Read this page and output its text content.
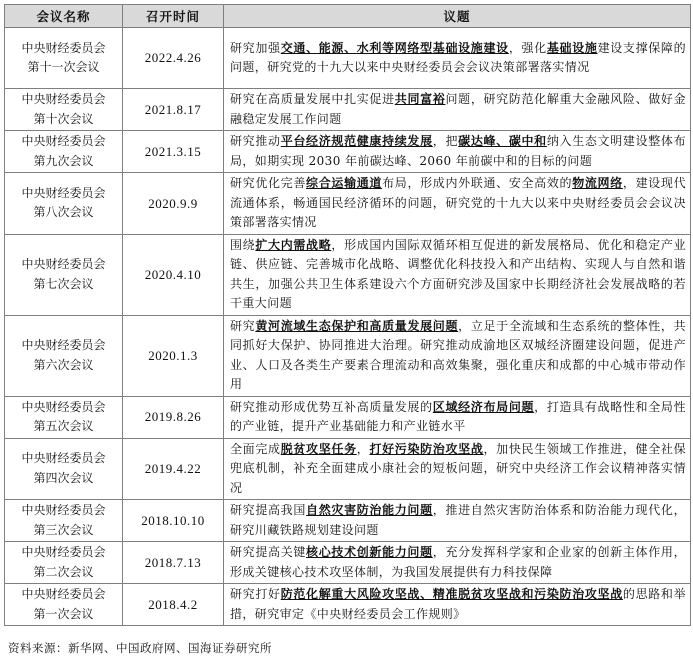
会议名称	召开时间	议题

中央财经委员会
第十一次会议	2022.4.26	研究加强交通、能源、水利等网络型基础设施建设，强化基础设施建设支撑保障的问题，研究党的十九大以来中央财经委员会会议决策部署落实情况

中央财经委员会
第十次会议	2021.8.17	研究在高质量发展中扎实促进共同富裕问题，研究防范化解重大金融风险、做好金融稳定发展工作问题

中央财经委员会
第九次会议	2021.3.15	研究推动平台经济规范健康持续发展，把碳达峰、碳中和纳入生态文明建设整体布局，如期实现 2030 年前碳达峰、2060 年前碳中和的目标的问题

中央财经委员会
第八次会议	2020.9.9	研究优化完善综合运输通道布局，形成内外联通、安全高效的物流网络，建设现代流通体系，畅通国民经济循环的问题，研究党的十九大以来中央财经委员会会议决策部署落实情况

中央财经委员会
第七次会议	2020.4.10	围绕扩大内需战略，形成国内国际双循环相互促进的新发展格局、优化和稳定产业链、供应链、完善城市化战略、调整优化科技投入和产出结构、实现人与自然和谐共生，加强公共卫生体系建设六个方面研究涉及国家中长期经济社会发展战略的若干重大问题

中央财经委员会
第六次会议	2020.1.3	研究黄河流域生态保护和高质量发展问题，立足于全流域和生态系统的整体性，共同抓好大保护、协同推进大治理。研究推动成渝地区双城经济圈建设问题，促进产业、人口及各类生产要素合理流动和高效集聚，强化重庆和成都的中心城市带动作用

中央财经委员会
第五次会议	2019.8.26	研究推动形成优势互补高质量发展的区域经济布局问题，打造具有战略性和全局性的产业链，提升产业基础能力和产业链水平

中央财经委员会
第四次会议	2019.4.22	全面完成脱贫攻坚任务，打好污染防治攻坚战，加快民生领域工作推进，健全社保兜底机制，补充全面建成小康社会的短板问题，研究中央经济工作会议精神落实情况

中央财经委员会
第三次会议	2018.10.10	研究提高我国自然灾害防治能力问题，推进自然灾害防治体系和防治能力现代化，研究川藏铁路规划建设问题

中央财经委员会
第二次会议	2018.7.13	研究提高关键核心技术创新能力问题，充分发挥科学家和企业家的创新主体作用，形成关键核心技术攻坚体制，为我国发展提供有力科技保障

中央财经委员会
第一次会议	2018.4.2	研究打好防范化解重大风险攻坚战、精准脱贫攻坚战和污染防治攻坚战的思路和举措，研究审定《中央财经委员会工作规则》
资料来源：新华网、中国政府网、国海证券研究所
